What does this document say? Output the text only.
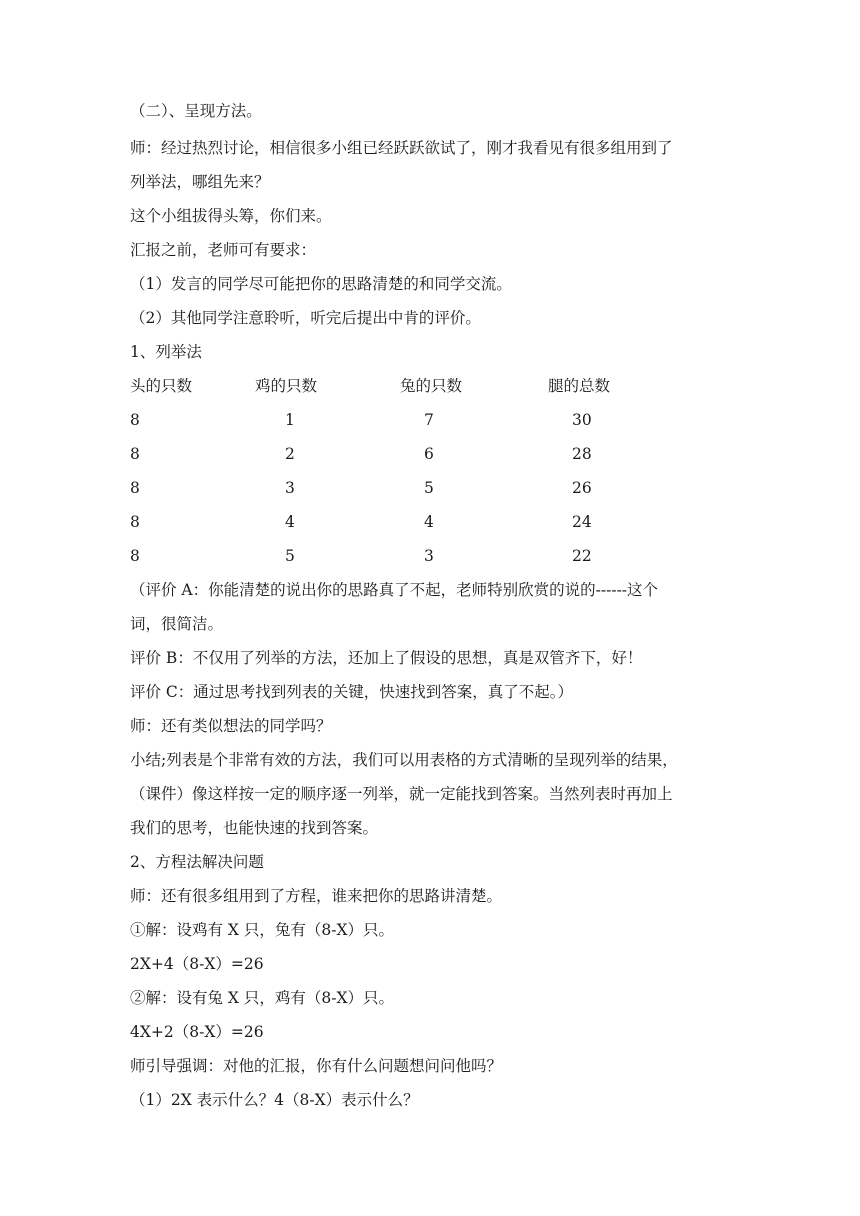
（二）、呈现方法。
师：经过热烈讨论，相信很多小组已经跃跃欲试了，刚才我看见有很多组用到了
列举法，哪组先来？
这个小组拔得头筹，你们来。
汇报之前，老师可有要求：
（1）发言的同学尽可能把你的思路清楚的和同学交流。
（2）其他同学注意聆听，听完后提出中肯的评价。
1、列举法
头的只数	鸡的只数	兔的只数	腿的总数
8	1	7	30
8	2	6	28
8	3	5	26
8	4	4	24
8	5	3	22
（评价 A：你能清楚的说出你的思路真了不起，老师特别欣赏的说的------这个
词，很简洁。
评价 B：不仅用了列举的方法，还加上了假设的思想，真是双管齐下，好！
评价 C：通过思考找到列表的关键，快速找到答案，真了不起。）
师：还有类似想法的同学吗？
小结;列表是个非常有效的方法，我们可以用表格的方式清晰的呈现列举的结果，
（课件）像这样按一定的顺序逐一列举，就一定能找到答案。当然列表时再加上
我们的思考，也能快速的找到答案。
2、方程法解决问题
师：还有很多组用到了方程，谁来把你的思路讲清楚。
①解：设鸡有 X 只，兔有（8-X）只。
2X+4（8-X）=26
②解：设有兔 X 只，鸡有（8-X）只。
4X+2（8-X）=26
师引导强调：对他的汇报，你有什么问题想问问他吗？
（1）2X 表示什么？4（8-X）表示什么？
